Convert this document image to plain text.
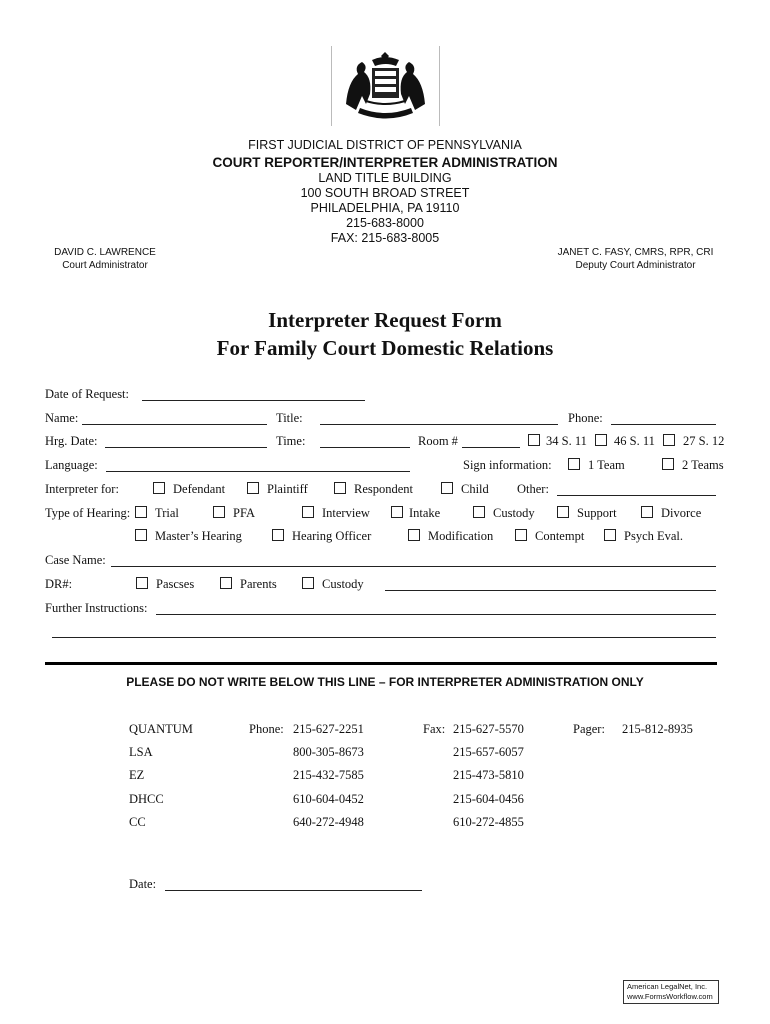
FIRST JUDICIAL DISTRICT OF PENNSYLVANIA
COURT REPORTER/INTERPRETER ADMINISTRATION
LAND TITLE BUILDING
100 SOUTH BROAD STREET
PHILADELPHIA, PA 19110
215-683-8000
FAX: 215-683-8005
DAVID C. LAWRENCE
Court Administrator
JANET C. FASY, CMRS, RPR, CRI
Deputy Court Administrator
Interpreter Request Form
For Family Court Domestic Relations
Date of Request:
Name:	Title:	Phone:
Hrg. Date:	Time:	Room #	34 S. 11 46 S. 11 27 S. 12
Language:	Sign information:	1 Team	2 Teams
Interpreter for:	Defendant	Plaintiff	Respondent	Child Other:
Type of Hearing: Trial	PFA	Interview	Intake	Custody	Support	Divorce
Master’s Hearing	Hearing Officer	Modification	Contempt	Psych Eval.
Case Name:
DR#:	Pascses	Parents	Custody
Further Instructions:
PLEASE DO NOT WRITE BELOW THIS LINE – FOR INTERPRETER ADMINISTRATION ONLY
QUANTUM	Phone: 215-627-2251	Fax: 215-627-5570	Pager: 215-812-8935
LSA	800-305-8673	215-657-6057
EZ	215-432-7585	215-473-5810
DHCC	610-604-0452	215-604-0456
CC	640-272-4948	610-272-4855
Date:
American LegalNet, Inc.
www.FormsWorkflow.com
